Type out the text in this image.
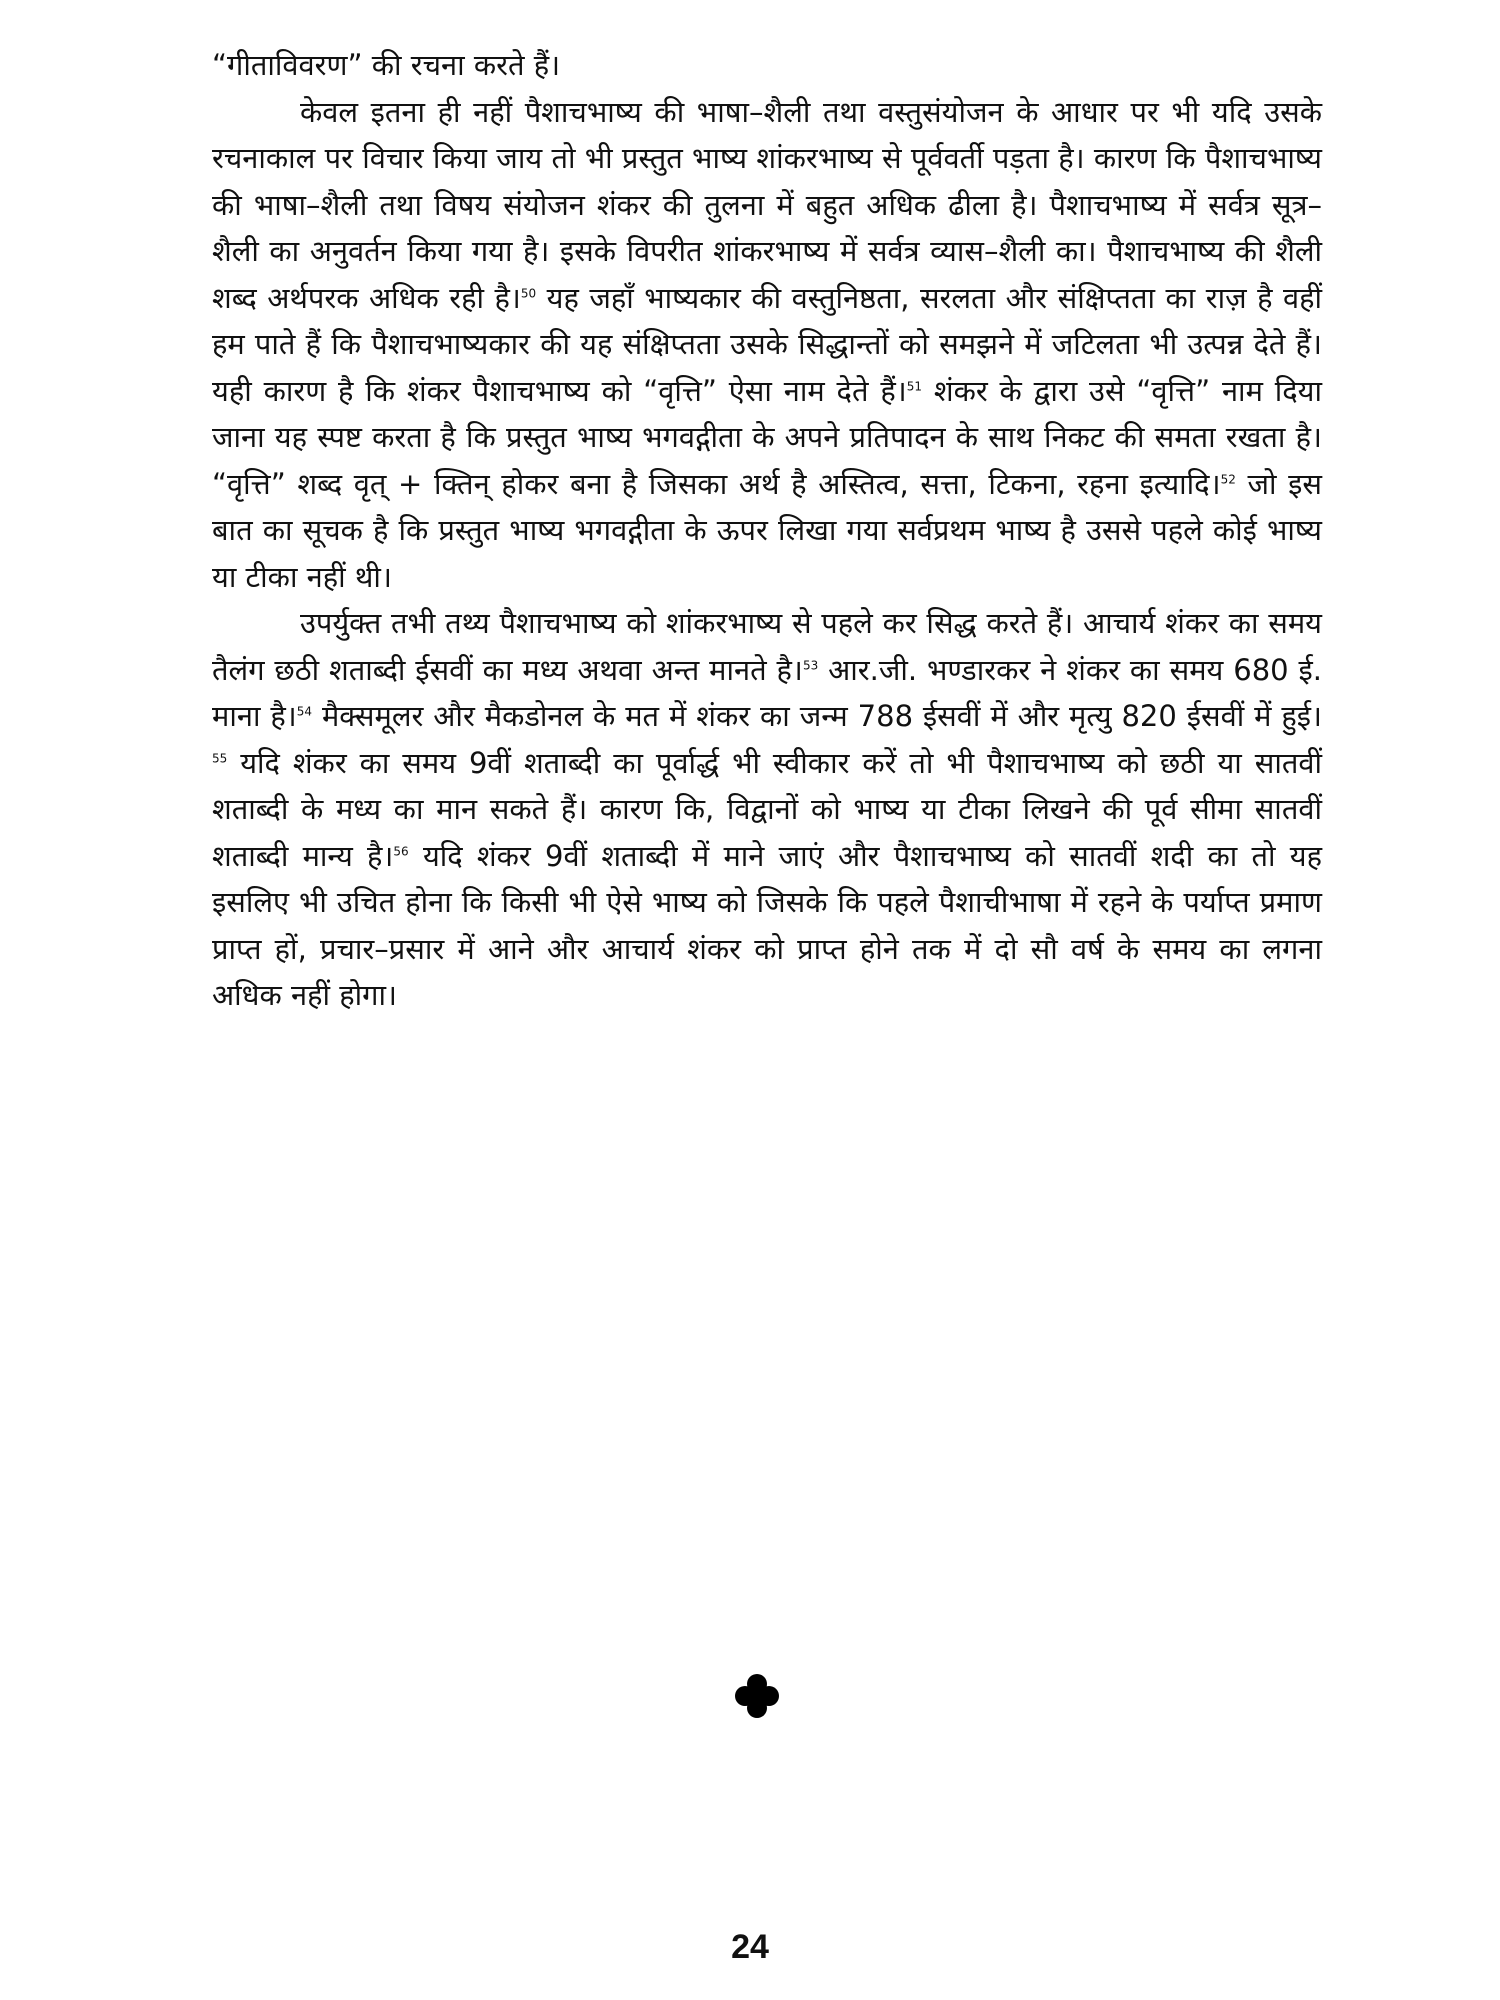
“गीताविवरण” की रचना करते हैं।

केवल इतना ही नहीं पैशाचभाष्य की भाषा–शैली तथा वस्तुसंयोजन के आधार पर भी यदि उसके रचनाकाल पर विचार किया जाय तो भी प्रस्तुत भाष्य शांकरभाष्य से पूर्ववर्ती पड़ता है। कारण कि पैशाचभाष्य की भाषा–शैली तथा विषय संयोजन शंकर की तुलना में बहुत अधिक ढीला है। पैशाचभाष्य में सर्वत्र सूत्र–शैली का अनुवर्तन किया गया है। इसके विपरीत शांकरभाष्य में सर्वत्र व्यास–शैली का। पैशाचभाष्य की शैली शब्द अर्थपरक अधिक रही है।$^{50}$ यह जहाँ भाष्यकार की वस्तुनिष्ठता, सरलता और संक्षिप्तता का राज़ है वहीं हम पाते हैं कि पैशाचभाष्यकार की यह संक्षिप्तता उसके सिद्धान्तों को समझने में जटिलता भी उत्पन्न देते हैं। यही कारण है कि शंकर पैशाचभाष्य को “वृत्ति” ऐसा नाम देते हैं।$^{51}$ शंकर के द्वारा उसे “वृत्ति” नाम दिया जाना यह स्पष्ट करता है कि प्रस्तुत भाष्य भगवद्गीता के अपने प्रतिपादन के साथ निकट की समता रखता है। “वृत्ति” शब्द वृत् + क्तिन् होकर बना है जिसका अर्थ है अस्तित्व, सत्ता, टिकना, रहना इत्यादि।$^{52}$ जो इस बात का सूचक है कि प्रस्तुत भाष्य भगवद्गीता के ऊपर लिखा गया सर्वप्रथम भाष्य है उससे पहले कोई भाष्य या टीका नहीं थी।

उपर्युक्त तभी तथ्य पैशाचभाष्य को शांकरभाष्य से पहले कर सिद्ध करते हैं। आचार्य शंकर का समय तैलंग छठी शताब्दी ईसवीं का मध्य अथवा अन्त मानते है।$^{53}$ आर.जी. भण्डारकर ने शंकर का समय 680 ई. माना है।$^{54}$ मैक्समूलर और मैकडोनल के मत में शंकर का जन्म 788 ईसवीं में और मृत्यु 820 ईसवीं में हुई।$^{55}$ यदि शंकर का समय 9वीं शताब्दी का पूर्वार्द्ध भी स्वीकार करें तो भी पैशाचभाष्य को छठी या सातवीं शताब्दी के मध्य का मान सकते हैं। कारण कि, विद्वानों को भाष्य या टीका लिखने की पूर्व सीमा सातवीं शताब्दी मान्य है।$^{56}$ यदि शंकर 9वीं शताब्दी में माने जाएं और पैशाचभाष्य को सातवीं शदी का तो यह इसलिए भी उचित होना कि किसी भी ऐसे भाष्य को जिसके कि पहले पैशाचीभाषा में रहने के पर्याप्त प्रमाण प्राप्त हों, प्रचार–प्रसार में आने और आचार्य शंकर को प्राप्त होने तक में दो सौ वर्ष के समय का लगना अधिक नहीं होगा।

24
